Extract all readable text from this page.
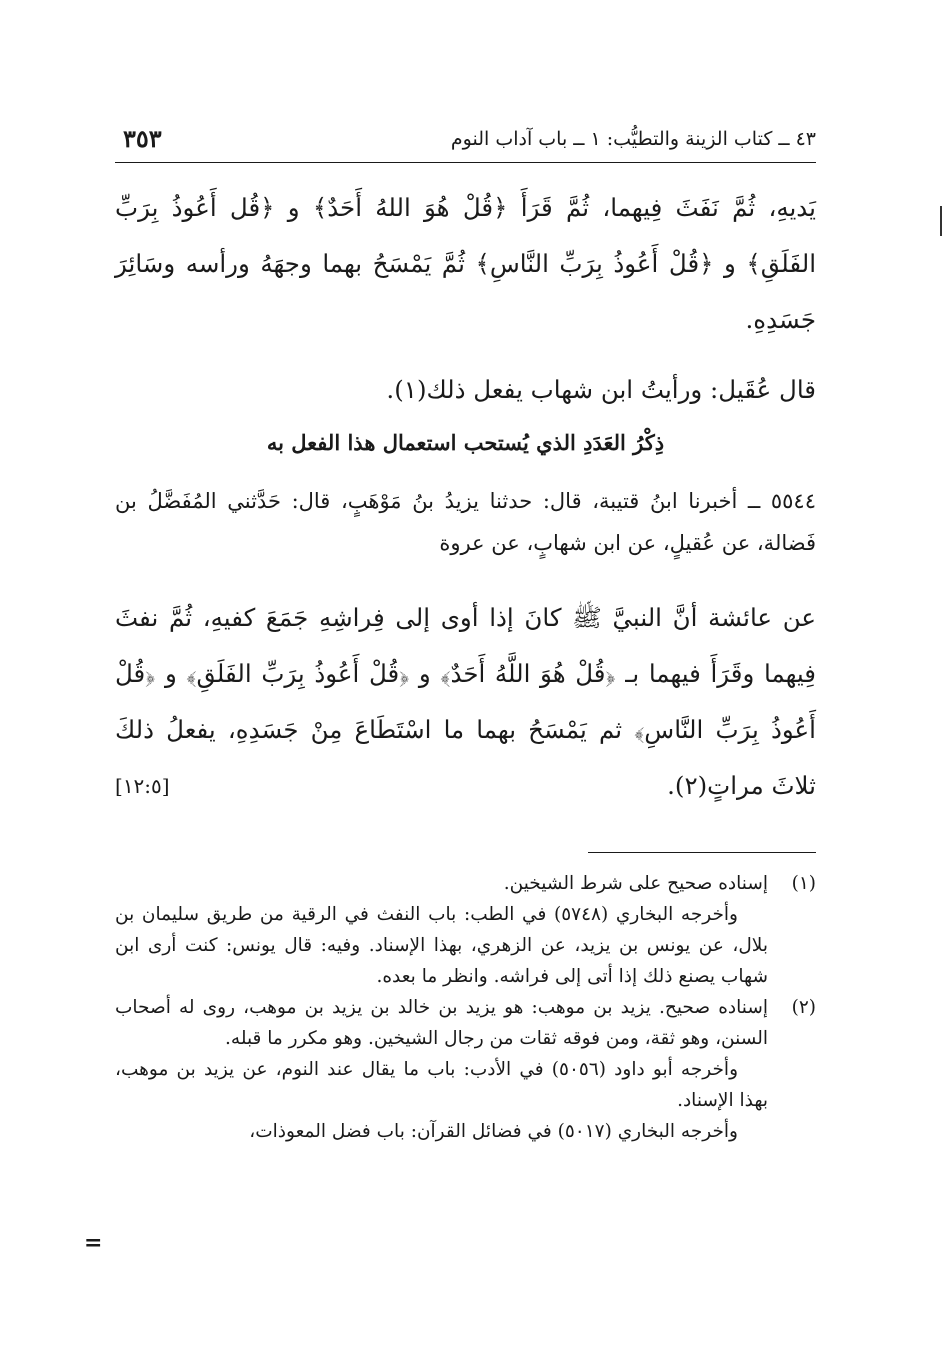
٤٣ ــ كتاب الزينة والتطيُّب: ١ ــ باب آداب النوم
٣٥٣
يَديهِ، ثُمَّ نَفَثَ فِيهما، ثُمَّ قَرَأَ ﴿قُلْ هُوَ اللهُ أَحَدٌ﴾ و ﴿قُل أَعُوذُ بِرَبِّ الفَلَقِ﴾ و ﴿قُلْ أَعُوذُ بِرَبِّ النَّاسِ﴾ ثُمَّ يَمْسَحُ بهما وجهَهُ ورأسه وسَائِرَ جَسَدِهِ.
قال عُقَيل: ورأيتُ ابن شهاب يفعل ذلك(١).
ذِكْرُ العَدَدِ الذي يُستحب استعمال هذا الفعل به
٥٥٤٤ ــ أخبرنا ابنُ قتيبة، قال: حدثنا يزيدُ بنُ مَوْهَبٍ، قال: حَدَّثني المُفَضَّلُ بن فَضالة، عن عُقيلٍ، عن ابن شهابٍ، عن عروة
عن عائشة أنَّ النبيَّ ﷺ كانَ إذا أوى إلى فِراشِهِ جَمَعَ كفيهِ، ثُمَّ نفثَ فِيهما وقَرَأَ فيهما بـ ﴿قُلْ هُوَ اللَّهُ أَحَدٌ﴾ و ﴿قُلْ أَعُوذُ بِرَبِّ الفَلَقِ﴾ و ﴿قُلْ أَعُوذُ بِرَبِّ النَّاسِ﴾ ثم يَمْسَحُ بهما ما اسْتَطَاعَ مِنْ جَسَدِهِ، يفعلُ ذلكَ ثلاثَ مراتٍ(٢).
[١٢:٥]
(١)

إسناده صحيح على شرط الشيخين.

وأخرجه البخاري (٥٧٤٨) في الطب: باب النفث في الرقية من طريق سليمان بن بلال، عن يونس بن يزيد، عن الزهري، بهذا الإسناد. وفيه: قال يونس: كنت أرى ابن شهاب يصنع ذلك إذا أتى إلى فراشه. وانظر ما بعده.

(٢)

إسناده صحيح. يزيد بن موهب: هو يزيد بن خالد بن يزيد بن موهب، روى له أصحاب السنن، وهو ثقة، ومن فوقه ثقات من رجال الشيخين. وهو مكرر ما قبله.

وأخرجه أبو داود (٥٠٥٦) في الأدب: باب ما يقال عند النوم، عن يزيد بن موهب، بهذا الإسناد.

وأخرجه البخاري (٥٠١٧) في فضائل القرآن: باب فضل المعوذات،

=
